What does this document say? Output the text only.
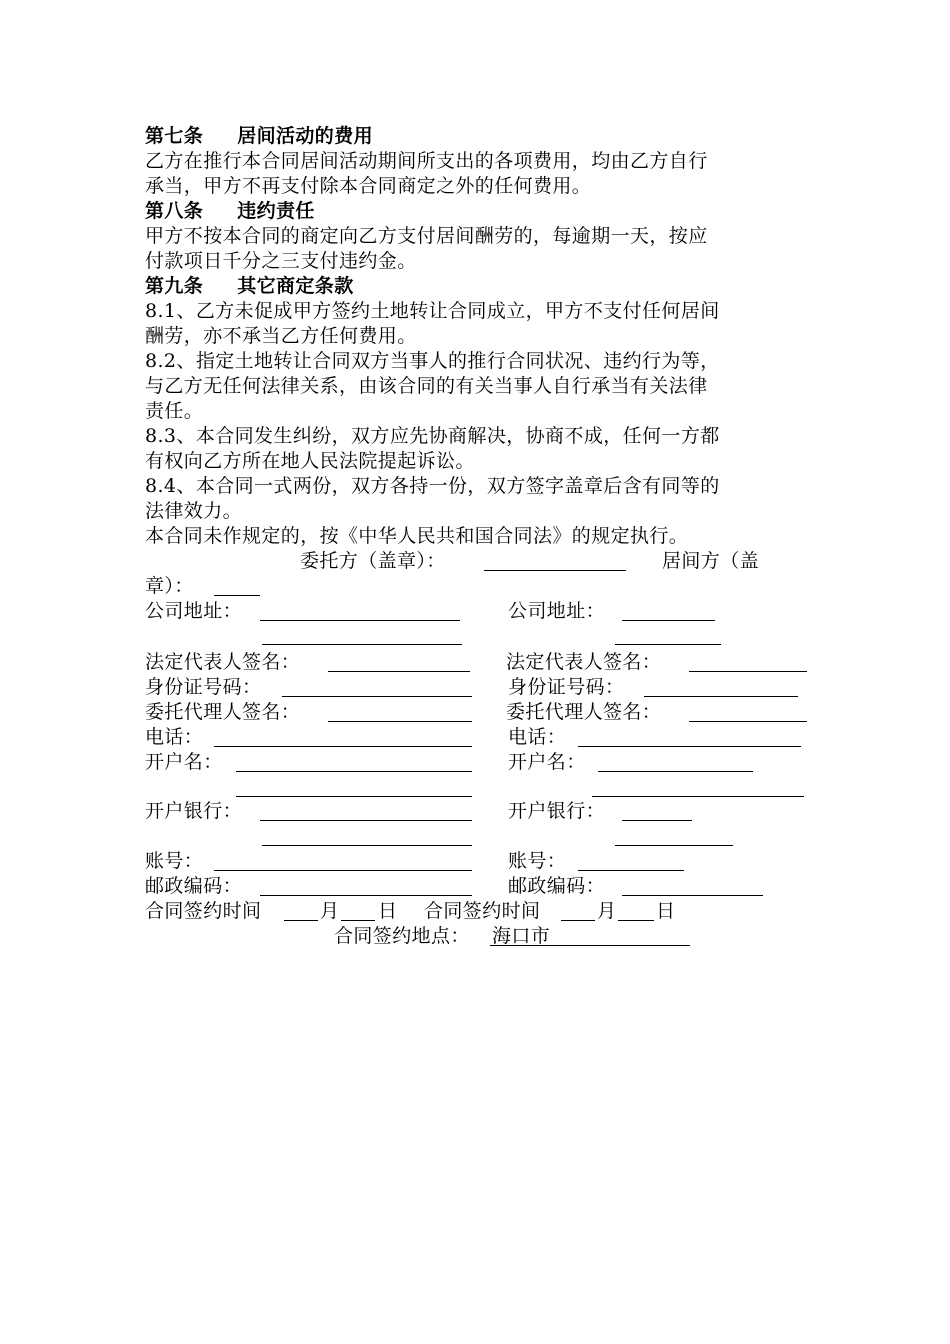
第七条 居间活动的费用
乙方在推行本合同居间活动期间所支出的各项费用，均由乙方自行
承当，甲方不再支付除本合同商定之外的任何费用。
第八条 违约责任
甲方不按本合同的商定向乙方支付居间酬劳的，每逾期一天，按应
付款项日千分之三支付违约金。
第九条 其它商定条款
8.1、乙方未促成甲方签约土地转让合同成立，甲方不支付任何居间
酬劳，亦不承当乙方任何费用。
8.2、指定土地转让合同双方当事人的推行合同状况、违约行为等，
与乙方无任何法律关系，由该合同的有关当事人自行承当有关法律
责任。
8.3、本合同发生纠纷，双方应先协商解决，协商不成，任何一方都
有权向乙方所在地人民法院提起诉讼。
8.4、本合同一式两份，双方各持一份，双方签字盖章后含有同等的
法律效力。
本合同未作规定的，按《中华人民共和国合同法》的规定执行。
委托方（盖章）：	居间方（盖
章）：
公司地址：	公司地址：
法定代表人签名：	法定代表人签名：
身份证号码：	身份证号码：
委托代理人签名：	委托代理人签名：
电话：	电话：
开户名：	开户名：
开户银行：	开户银行：
账号：	账号：
邮政编码：	邮政编码：
合同签约时间	月 日 合同签约时间	月 日
合同签约地点： 海口市
